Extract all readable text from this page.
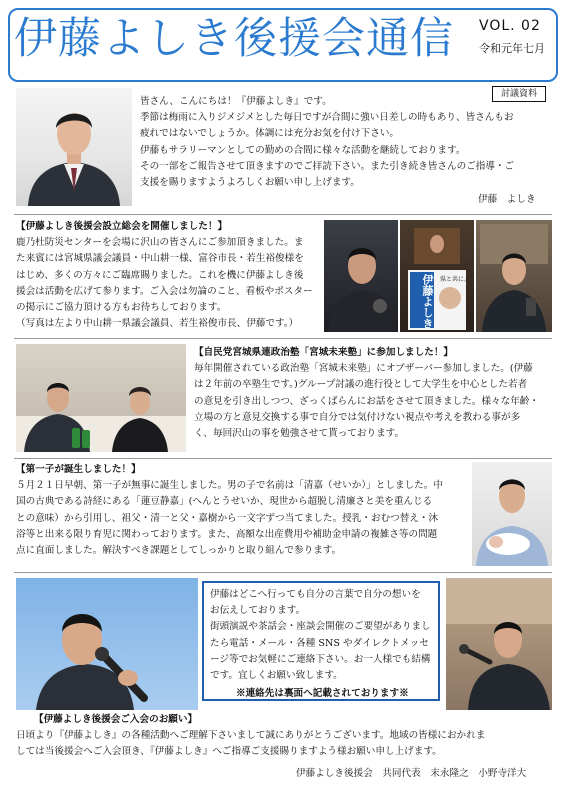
伊藤よしき後援会通信 VOL. 02
令和元年七月
討議資料

皆さん、こんにちは！『伊藤よしき』です。

季節は梅雨に入りジメジメとした毎日ですが合間に強い日差しの時もあり、皆さんもお

疲れではないでしょうか。体調には充分お気を付け下さい。

伊藤もサラリーマンとしての勤めの合間に様々な活動を継続しております。

その一部をご報告させて頂きますのでご拝読下さい。また引き続き皆さんのご指導・ご

支援を賜りますようよろしくお願い申し上げます。

伊藤　よしき

【伊藤よしき後援会設立総会を開催しました！】

鹿乃杜防災センターを会場に沢山の皆さんにご参加頂きました。ま

た来賓には宮城県議会議員・中山耕一様、富谷市長・若生裕俊様を

はじめ、多くの方々にご臨席賜りました。これを機に伊藤よしき後

援会は活動を広げて参ります。ご入会は勿論のこと、看板やポスター

の掲示にご協力頂ける方もお待ちしております。

（写真は左より中山耕一県議会議員、若生裕俊市長、伊藤です。）	伊藤よしき 県と共に。

【自民党宮城県連政治塾「宮城未来塾」に参加しました！】

毎年開催されている政治塾「宮城未来塾」にオブザーバー参加しました。(伊藤

は２年前の卒塾生です。)グループ討議の進行役として大学生を中心とした若者

の意見を引き出しつつ、ざっくばらんにお話をさせて頂きました。様々な年齢・

立場の方と意見交換する事で自分では気付けない視点や考えを教わる事が多

く、毎回沢山の事を勉強させて貰っております。

【第一子が誕生しました！】

５月２１日早朝、第一子が無事に誕生しました。男の子で名前は「清嘉（せいか）」としました。中

国の古典である詩経にある「蓮豆静嘉」(へんとうせいか、現世から超脱し清廉さと美を重んじる

との意味）から引用し、祖父・清一と父・嘉樹から一文字ずつ当てました。授乳・おむつ替え・沐

浴等と出来る限り育児に関わっております。また、高額な出産費用や補助金申請の複雑さ等の問題

点に直面しました。解決すべき課題としてしっかりと取り組んで参ります。

伊藤はどこへ行っても自分の言葉で自分の想いを

お伝えしております。

街頭演説や茶話会・座談会開催のご要望がありまし

たら電話・メール・各種 SNS やダイレクトメッセ

ージ等でお気軽にご連絡下さい。お一人様でも結構

です。宜しくお願い致します。

※連絡先は裏面へ記載されております※

【伊藤よしき後援会ご入会のお願い】

日頃より『伊藤よしき』の各種活動へご理解下さいまして誠にありがとうございます。地域の皆様におかれま

しては当後援会へご入会頂き、『伊藤よしき』へご指導ご支援賜りますよう様お願い申し上げます。

伊藤よしき後援会　共同代表　末永隆之　小野寺洋大
